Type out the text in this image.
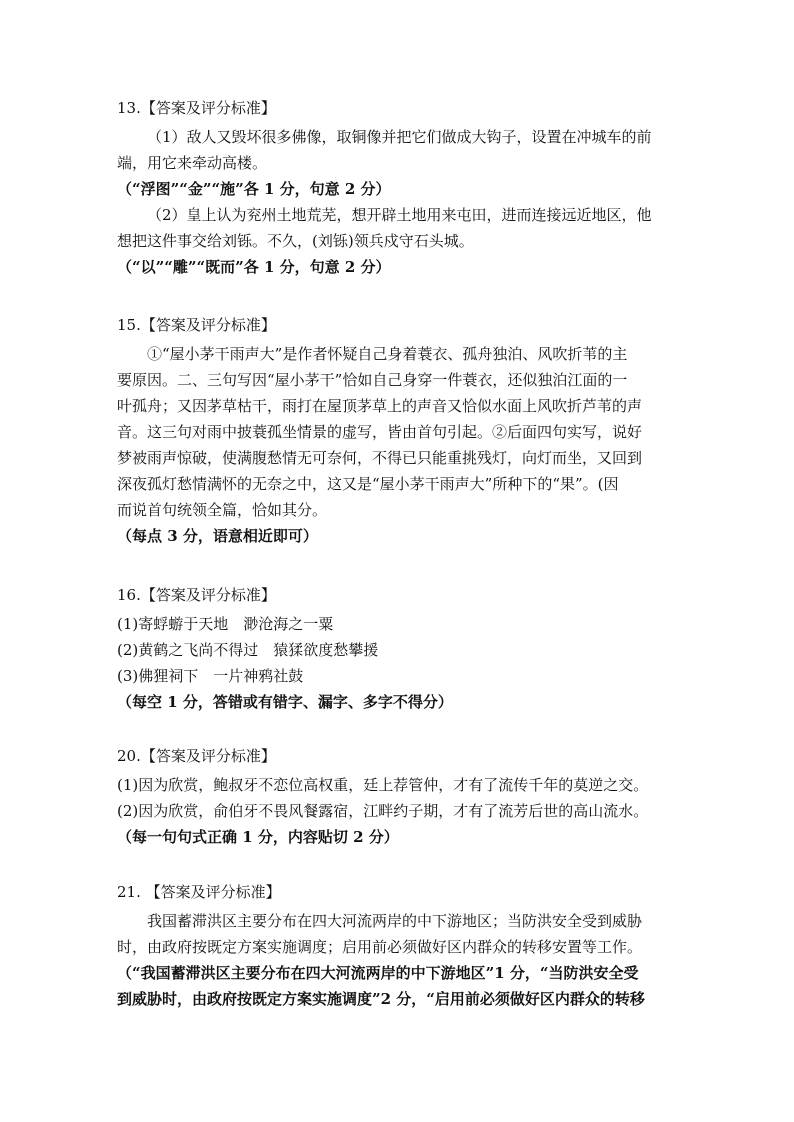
13.【答案及评分标准】
（1）敌人又毁坏很多佛像，取铜像并把它们做成大钩子，设置在冲城车的前
端，用它来牵动高楼。
（“浮图”“金”“施”各 1 分，句意 2 分）
（2）皇上认为兖州土地荒芜，想开辟土地用来屯田，进而连接远近地区，他
想把这件事交给刘铄。不久，(刘铄)领兵戍守石头城。
（“以”“雕”“既而”各 1 分，句意 2 分）
15.【答案及评分标准】
①“屋小茅干雨声大”是作者怀疑自己身着蓑衣、孤舟独泊、风吹折苇的主
要原因。二、三句写因“屋小茅干”恰如自己身穿一件蓑衣，还似独泊江面的一
叶孤舟；又因茅草枯干，雨打在屋顶茅草上的声音又恰似水面上风吹折芦苇的声
音。这三句对雨中披蓑孤坐情景的虚写，皆由首句引起。②后面四句实写，说好
梦被雨声惊破，使满腹愁情无可奈何，不得已只能重挑残灯，向灯而坐，又回到
深夜孤灯愁情满怀的无奈之中，这又是“屋小茅干雨声大”所种下的“果”。(因
而说首句统领全篇，恰如其分。
（每点 3 分，语意相近即可）
16.【答案及评分标准】
(1)寄蜉蝣于天地　渺沧海之一粟
(2)黄鹤之飞尚不得过　猿猱欲度愁攀援
(3)佛狸祠下　一片神鸦社鼓
（每空 1 分，答错或有错字、漏字、多字不得分）
20.【答案及评分标准】
(1)因为欣赏，鲍叔牙不恋位高权重，廷上荐管仲，才有了流传千年的莫逆之交。
(2)因为欣赏，俞伯牙不畏风餐露宿，江畔约子期，才有了流芳后世的高山流水。
（每一句句式正确 1 分，内容贴切 2 分）
21. 【答案及评分标准】
我国蓄滞洪区主要分布在四大河流两岸的中下游地区；当防洪安全受到威胁
时，由政府按既定方案实施调度；启用前必须做好区内群众的转移安置等工作。
（“我国蓄滞洪区主要分布在四大河流两岸的中下游地区”1 分，“当防洪安全受
到威胁时，由政府按既定方案实施调度”2 分，“启用前必须做好区内群众的转移
